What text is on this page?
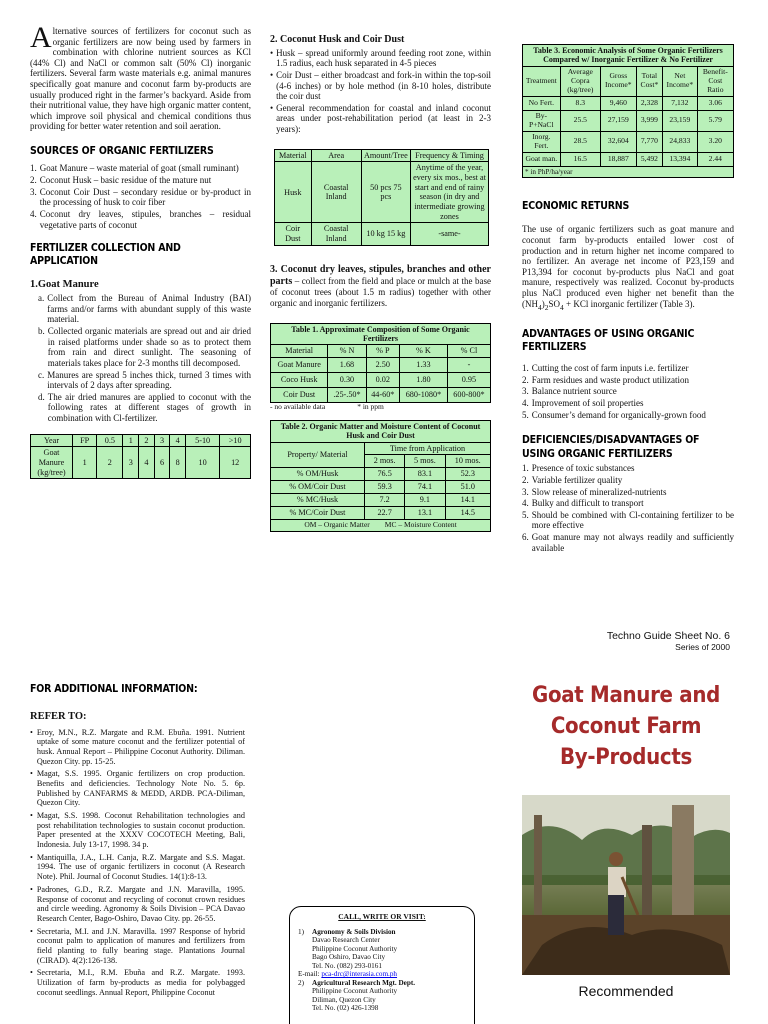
Alternative sources of fertilizers for coconut such as organic fertilizers are now being used by farmers in combination with chlorine nutrient sources as KCl (44% Cl) and NaCl or common salt (50% Cl) inorganic fertilizers. Several farm waste materials e.g. animal manures specifically goat manure and coconut farm by-products are usually produced right in the farmer’s backyard. Aside from their nutritional value, they have high organic matter content, which improve soil physical and chemical conditions thus providing for better water retention and soil aeration.
SOURCES OF ORGANIC FERTILIZERS
1. Goat Manure – waste material of goat (small ruminant)
2. Coconut Husk – basic residue of the mature nut
3. Coconut Coir Dust – secondary residue or by-product in the processing of husk to coir fiber
4. Coconut dry leaves, stipules, branches – residual vegetative parts of coconut
FERTILIZER COLLECTION AND APPLICATION
1.Goat Manure
a. Collect from the Bureau of Animal Industry (BAI) farms and/or farms with abundant supply of this waste material.
b. Collected organic materials are spread out and air dried in raised platforms under shade so as to protect them from rain and direct sunlight. The seasoning of materials takes place for 2-3 months till decomposed.
c. Manures are spread 5 inches thick, turned 3 times with intervals of 2 days after spreading.
d. The air dried manures are applied to coconut with the following rates at different stages of growth in combination with Cl-fertilizer.
Year	FP	0.5	1	2	3	4	5-10	>10
Goat Manure (kg/tree)	1	2	3	4	6	8	10	12
2. Coconut Husk and Coir Dust
• Husk – spread uniformly around feeding root zone, within 1.5 radius, each husk separated in 4-5 pieces
• Coir Dust – either broadcast and fork-in within the top-soil (4-6 inches) or by hole method (in 8-10 holes, distribute the coir dust
• General recommendation for coastal and inland coconut areas under post-rehabilitation period (at least in 2-3 years):
Material	Area	Amount/Tree	Frequency & Timing
Husk	Coastal Inland	50 pcs 75 pcs	Anytime of the year, every six mos., best at start and end of rainy season (in dry and intermediate growing zones
Coir Dust	Coastal Inland	10 kg 15 kg	-same-
3. Coconut dry leaves, stipules, branches and other parts – collect from the field and place or mulch at the base of coconut trees (about 1.5 m radius) together with other organic and inorganic fertilizers.
Table 1. Approximate Composition of Some Organic Fertilizers				
Material	% N	% P	% K	% Cl
Goat Manure	1.68	2.50	1.33	-
Coco Husk	0.30	0.02	1.80	0.95
Coir Dust	.25-.50*	44-60*	680-1080*	600-800*
- no available data	* in ppm
Table 2. Organic Matter and Moisture Content of Coconut Husk and Coir Dust			
Property/ Material	Time from Application		
	2 mos.	5 mos.	10 mos.
% OM/Husk	76.5	83.1	52.3
% OM/Coir Dust	59.3	74.1	51.0
% MC/Husk	7.2	9.1	14.1
% MC/Coir Dust	22.7	13.1	14.5
OM – Organic Matter MC – Moisture Content			
Table 3. Economic Analysis of Some Organic Fertilizers Compared w/ Inorganic Fertilizer & No Fertilizer					
Treatment	Average Copra (kg/tree)	Gross Income*	Total Cost*	Net Income*	Benefit-Cost Ratio
No Fert.	8.3	9,460	2,328	7,132	3.06
By-P+NaCl	25.5	27,159	3,999	23,159	5.79
Inorg. Fert.	28.5	32,604	7,770	24,833	3.20
Goat man.	16.5	18,887	5,492	13,394	2.44
* in PhP/ha/year					
ECONOMIC RETURNS
The use of organic fertilizers such as goat manure and coconut farm by-products entailed lower cost of production and in return higher net income compared to no fertilizer. An average net income of P23,159 and P13,394 for coconut by-products plus NaCl and goat manure, respectively was realized. Coconut by-products plus NaCl produced even higher net benefit than the $(NH_4)_2SO_4$ + KCl inorganic fertilizer (Table 3).
ADVANTAGES OF USING ORGANIC FERTILIZERS
1. Cutting the cost of farm inputs i.e. fertilizer
2. Farm residues and waste product utilization
3. Balance nutrient source
4. Improvement of soil properties
5. Consumer’s demand for organically-grown food
DEFICIENCIES/DISADVANTAGES OF USING ORGANIC FERTILIZERS
1. Presence of toxic substances
2. Variable fertilizer quality
3. Slow release of mineralized-nutrients
4. Bulky and difficult to transport
5. Should be combined with Cl-containing fertilizer to be more effective
6. Goat manure may not always readily and sufficiently available
FOR ADDITIONAL INFORMATION:
REFER TO:
• Eroy, M.N., R.Z. Margate and R.M. Ebuña. 1991. Nutrient uptake of some mature coconut and the fertilizer potential of husk. Annual Report – Philippine Coconut Authority. Diliman. Quezon City. pp. 15-25.
• Magat, S.S. 1995. Organic fertilizers on crop production. Benefits and deficiencies. Technology Note No. 5. 6p. Published by CANFARMS & MEDD, ARDB. PCA-Diliman, Quezon City.
• Magat, S.S. 1998. Coconut Rehabilitation technologies and post rehabilitation technologies to sustain coconut production. Paper presented at the XXXV COCOTECH Meeting, Bali, Indonesia. July 13-17, 1998. 34 p.
• Mantiquilla, J.A., L.H. Canja, R.Z. Margate and S.S. Magat. 1994. The use of organic fertilizers in coconut (A Research Note). Phil. Journal of Coconut Studies. 14(1):8-13.
• Padrones, G.D., R.Z. Margate and J.N. Maravilla, 1995. Response of coconut and recycling of coconut crown residues and circle weeding. Agronomy & Soils Division – PCA Davao Research Center, Bago-Oshiro, Davao City. pp. 26-55.
• Secretaria, M.I. and J.N. Maravilla. 1997 Response of hybrid coconut palm to application of manures and fertilizers from field planting to fully bearing stage. Plantations Journal (CIRAD). 4(2):126-138.
• Secretaria, M.I., R.M. Ebuña and R.Z. Margate. 1993. Utilization of farm by-products as media for polybagged coconut seedlings. Annual Report, Philippine Coconut
CALL, WRITE OR VISIT:
1) Agronomy & Soils Division
Davao Research Center
Philippine Coconut Authority
Bago Oshiro, Davao City
Tel. No. (082) 293-0161
E-mail: pca-drc@interasia.com.ph
2) Agricultural Research Mgt. Dept.
Philippine Coconut Authority
Diliman, Quezon City
Tel. No. (02) 426-1398
Techno Guide Sheet No. 6
Series of 2000
Goat Manure and
Coconut Farm
By-Products
Recommended
